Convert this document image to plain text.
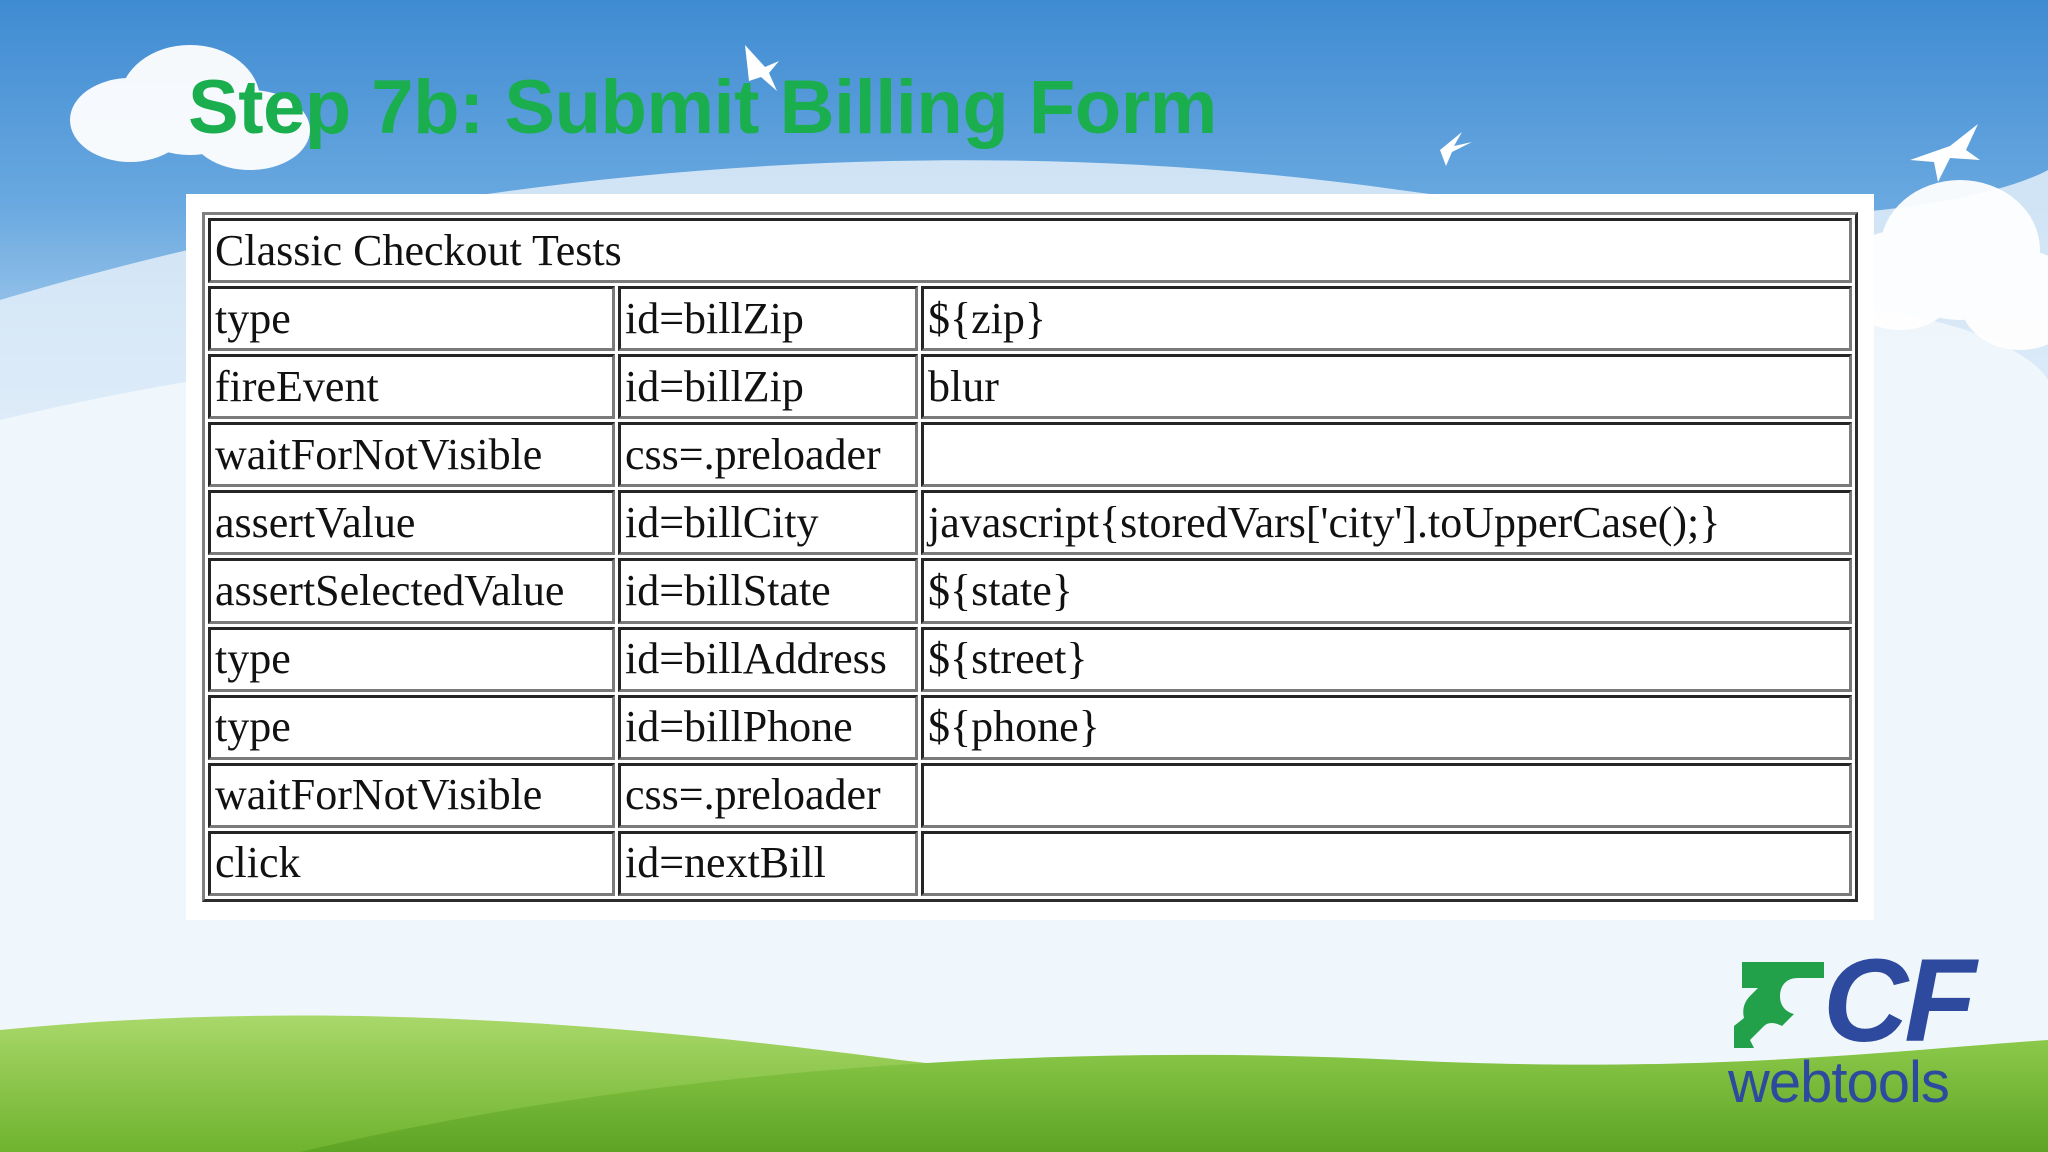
Step 7b: Submit Billing Form
Classic Checkout Tests		
type	id=billZip	${zip}
fireEvent	id=billZip	blur
waitForNotVisible	css=.preloader	
assertValue	id=billCity	javascript{storedVars['city'].toUpperCase();}
assertSelectedValue	id=billState	${state}
type	id=billAddress	${street}
type	id=billPhone	${phone}
waitForNotVisible	css=.preloader	
click	id=nextBill	
CF
webtools
